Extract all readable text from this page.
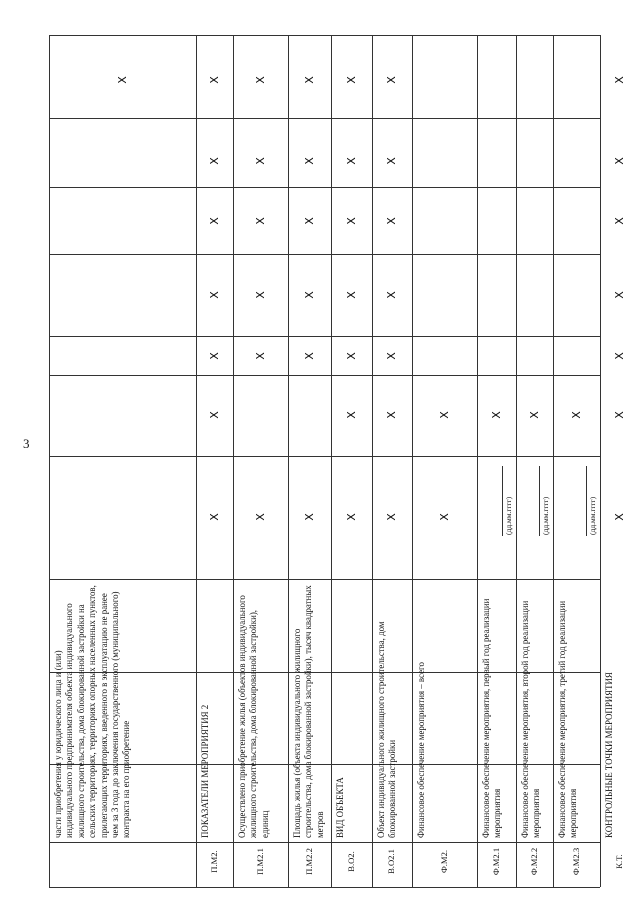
3
части приобретения у юридического лица и (или) индивидуального предпринимателя объекта индивидуального жилищного строительства, дома блокированной застройки на сельских территориях, территориях опорных населенных пунктов, прилегающих территориях, введенного в эксплуатацию не ранее чем за 3 года до заключения государственного (муниципального) контракта на его приобретение
X
П.М2.
ПОКАЗАТЕЛИ МЕРОПРИЯТИЯ 2
X
X
X
X
X
X
X
П.М2.1
Осуществлено приобретение жилья (объектов индивидуального жилищного строительства, дома блокированной застройки), единиц
X
X
X
X
X
X
П.М2.2
Площадь жилья (объекта индивидуального жилищного строительства, дома блокированной застройки), тысяч квадратных метров
X
X
X
X
X
X
В.О2.
ВИД ОБЪЕКТА
X
X
X
X
X
X
X
В.О2.1
Объект индивидуального жилищного строительства, дом блокированной застройки
X
X
X
X
X
X
X
Ф.М2.
Финансовое обеспечение мероприятия – всего
X
X
Ф.М2.1
Финансовое обеспечение мероприятия, первый год реализации мероприятия
X
(дд.мм.гггг)
Ф.М2.2
Финансовое обеспечение мероприятия, второй год реализации мероприятия
X
(дд.мм.гггг)
Ф.М2.3
Финансовое обеспечение мероприятия, третий год реализации мероприятия
X
(дд.мм.гггг)
К.Т.
КОНТРОЛЬНЫЕ ТОЧКИ МЕРОПРИЯТИЯ
X
X
X
X
X
X
X
